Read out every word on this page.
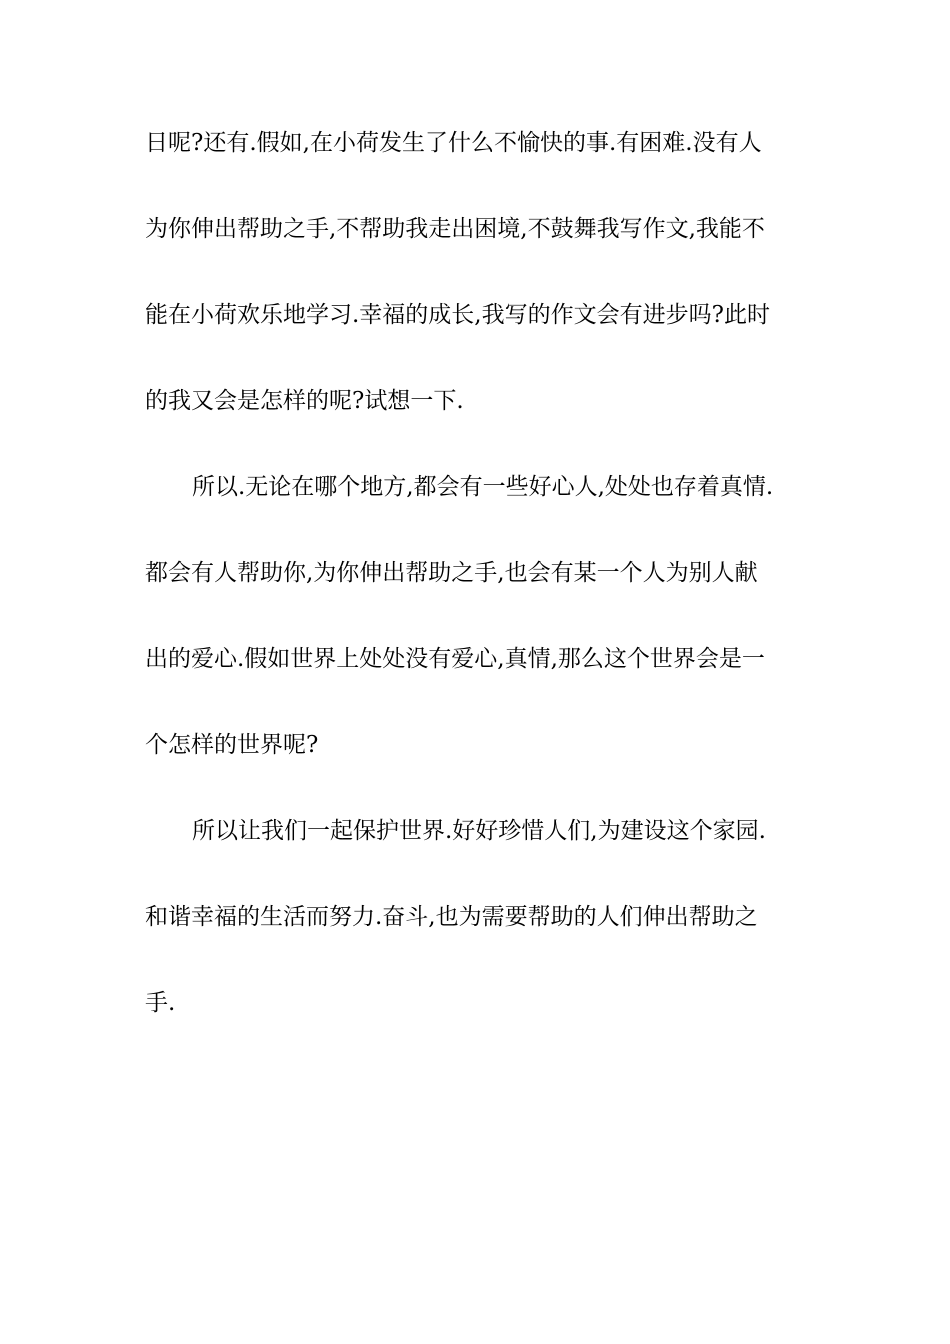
日呢?还有.假如,在小荷发生了什么不愉快的事.有困难.没有人
为你伸出帮助之手,不帮助我走出困境,不鼓舞我写作文,我能不
能在小荷欢乐地学习.幸福的成长,我写的作文会有进步吗?此时
的我又会是怎样的呢?试想一下.
所以.无论在哪个地方,都会有一些好心人,处处也存着真情.
都会有人帮助你,为你伸出帮助之手,也会有某一个人为别人献
出的爱心.假如世界上处处没有爱心,真情,那么这个世界会是一
个怎样的世界呢?
所以让我们一起保护世界.好好珍惜人们,为建设这个家园.
和谐幸福的生活而努力.奋斗,也为需要帮助的人们伸出帮助之
手.
